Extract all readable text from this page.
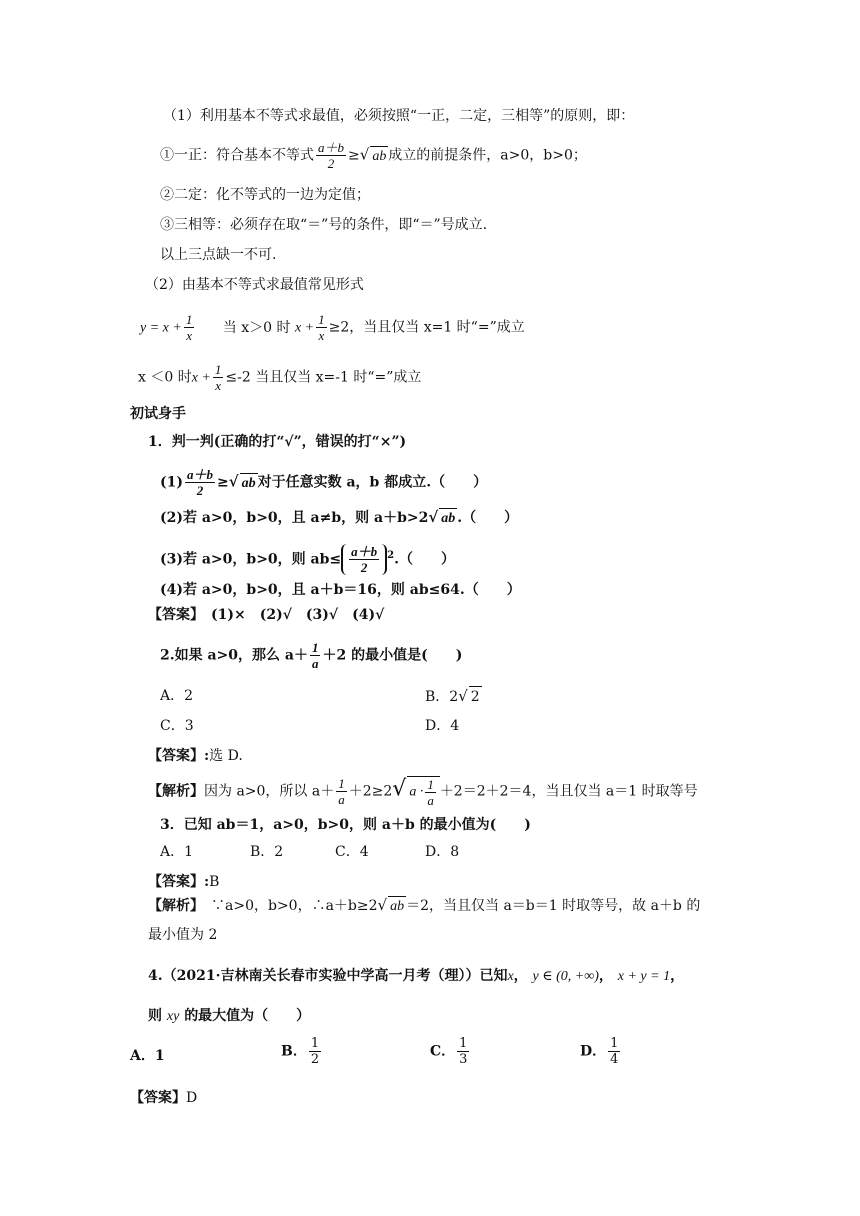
（1）利用基本不等式求最值，必须按照“一正，二定，三相等”的原则，即：
①一正：符合基本不等式 $\frac{a+b}{2}$ ≥√ ab 成立的前提条件，a>0，b>0；
②二定：化不等式的一边为定值；
③三相等：必须存在取“＝”号的条件，即“＝”号成立.
以上三点缺一不可.
（2）由基本不等式求最值常见形式
$y = x + \frac{1}{x}$ 当 x＞0 时 $x + \frac{1}{x} \ge 2$，当且仅当 x=1 时“=”成立
x ＜0 时$x + \frac{1}{x} \le-2$ 当且仅当 x=-1 时“=”成立
初试身手
1．判一判(正确的打“√”，错误的打“×”)
$(1) \frac{a+b}{2}$ ≥√ ab 对于任意实数 a，b 都成立.（　　）
(2)若 a>0，b>0，且 a≠b，则 a＋b>2√ ab .（　　）
(3)若 a>0，b>0，则 $ab\le \frac{a+b}{2} ^2$.（　　）
(4)若 a>0，b>0，且 a＋b＝16，则 ab≤64.（　　）
【答案】　(1)×　(2)√　(3)√　(4)√
2.如果 a>0，那么 $a+ \frac{1}{a} +2$ 的最小值是(　　)
A．2	B．2√ 2
C．3	D．4
【答案】:选 D.
【解析】因为 a>0，所以 $a+ \frac{1}{a} +2\ge 2√$ $a \cdot \frac{1}{a} +2=2+2=4$，当且仅当 a＝1 时取等号
3．已知 ab＝1，a>0，b>0，则 a＋b 的最小值为(　　)
A．1	B．2	C．4	D．8
【答案】:B
【解析】　 ∵a>0，b>0，∴a＋b≥2√ ab ＝2，当且仅当 a＝b＝1 时取等号，故 a＋b 的
最小值为 2
4.（2021·吉林南关长春市实验中学高一月考（理））已知x， y ∈ (0, +∞)， x + y = 1，
则 xy 的最大值为（　　）
A．1	B． $\frac{1}{2}$	C． $\frac{1}{3}$	D． $\frac{1}{4}$
【答案】D
